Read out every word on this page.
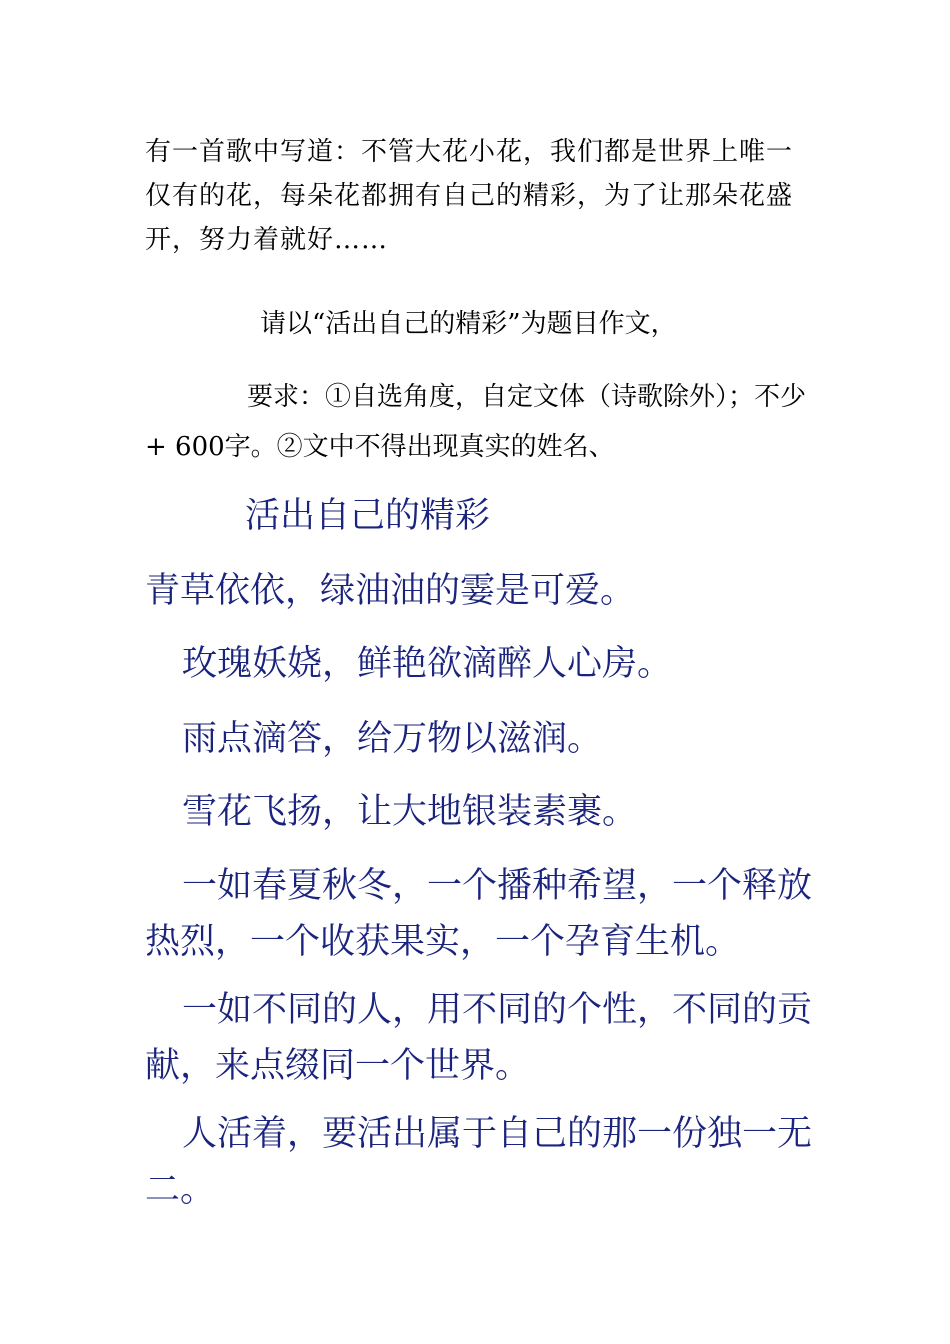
有一首歌中写道：不管大花小花，我们都是世界上唯一仅有的花，每朵花都拥有自己的精彩，为了让那朵花盛开，努力着就好……
请以“活出自己的精彩”为题目作文，
要求：①自选角度，自定文体（诗歌除外）；不少+ 600字。②文中不得出现真实的姓名、
活出自己的精彩
青草依依，绿油油的霎是可爱。
玫瑰妖娆，鲜艳欲滴醉人心房。
雨点滴答，给万物以滋润。
雪花飞扬，让大地银装素裹。
一如春夏秋冬，一个播种希望，一个释放热烈，一个收获果实，一个孕育生机。
一如不同的人，用不同的个性，不同的贡献，来点缀同一个世界。
人活着，要活出属于自己的那一份独一无二。
